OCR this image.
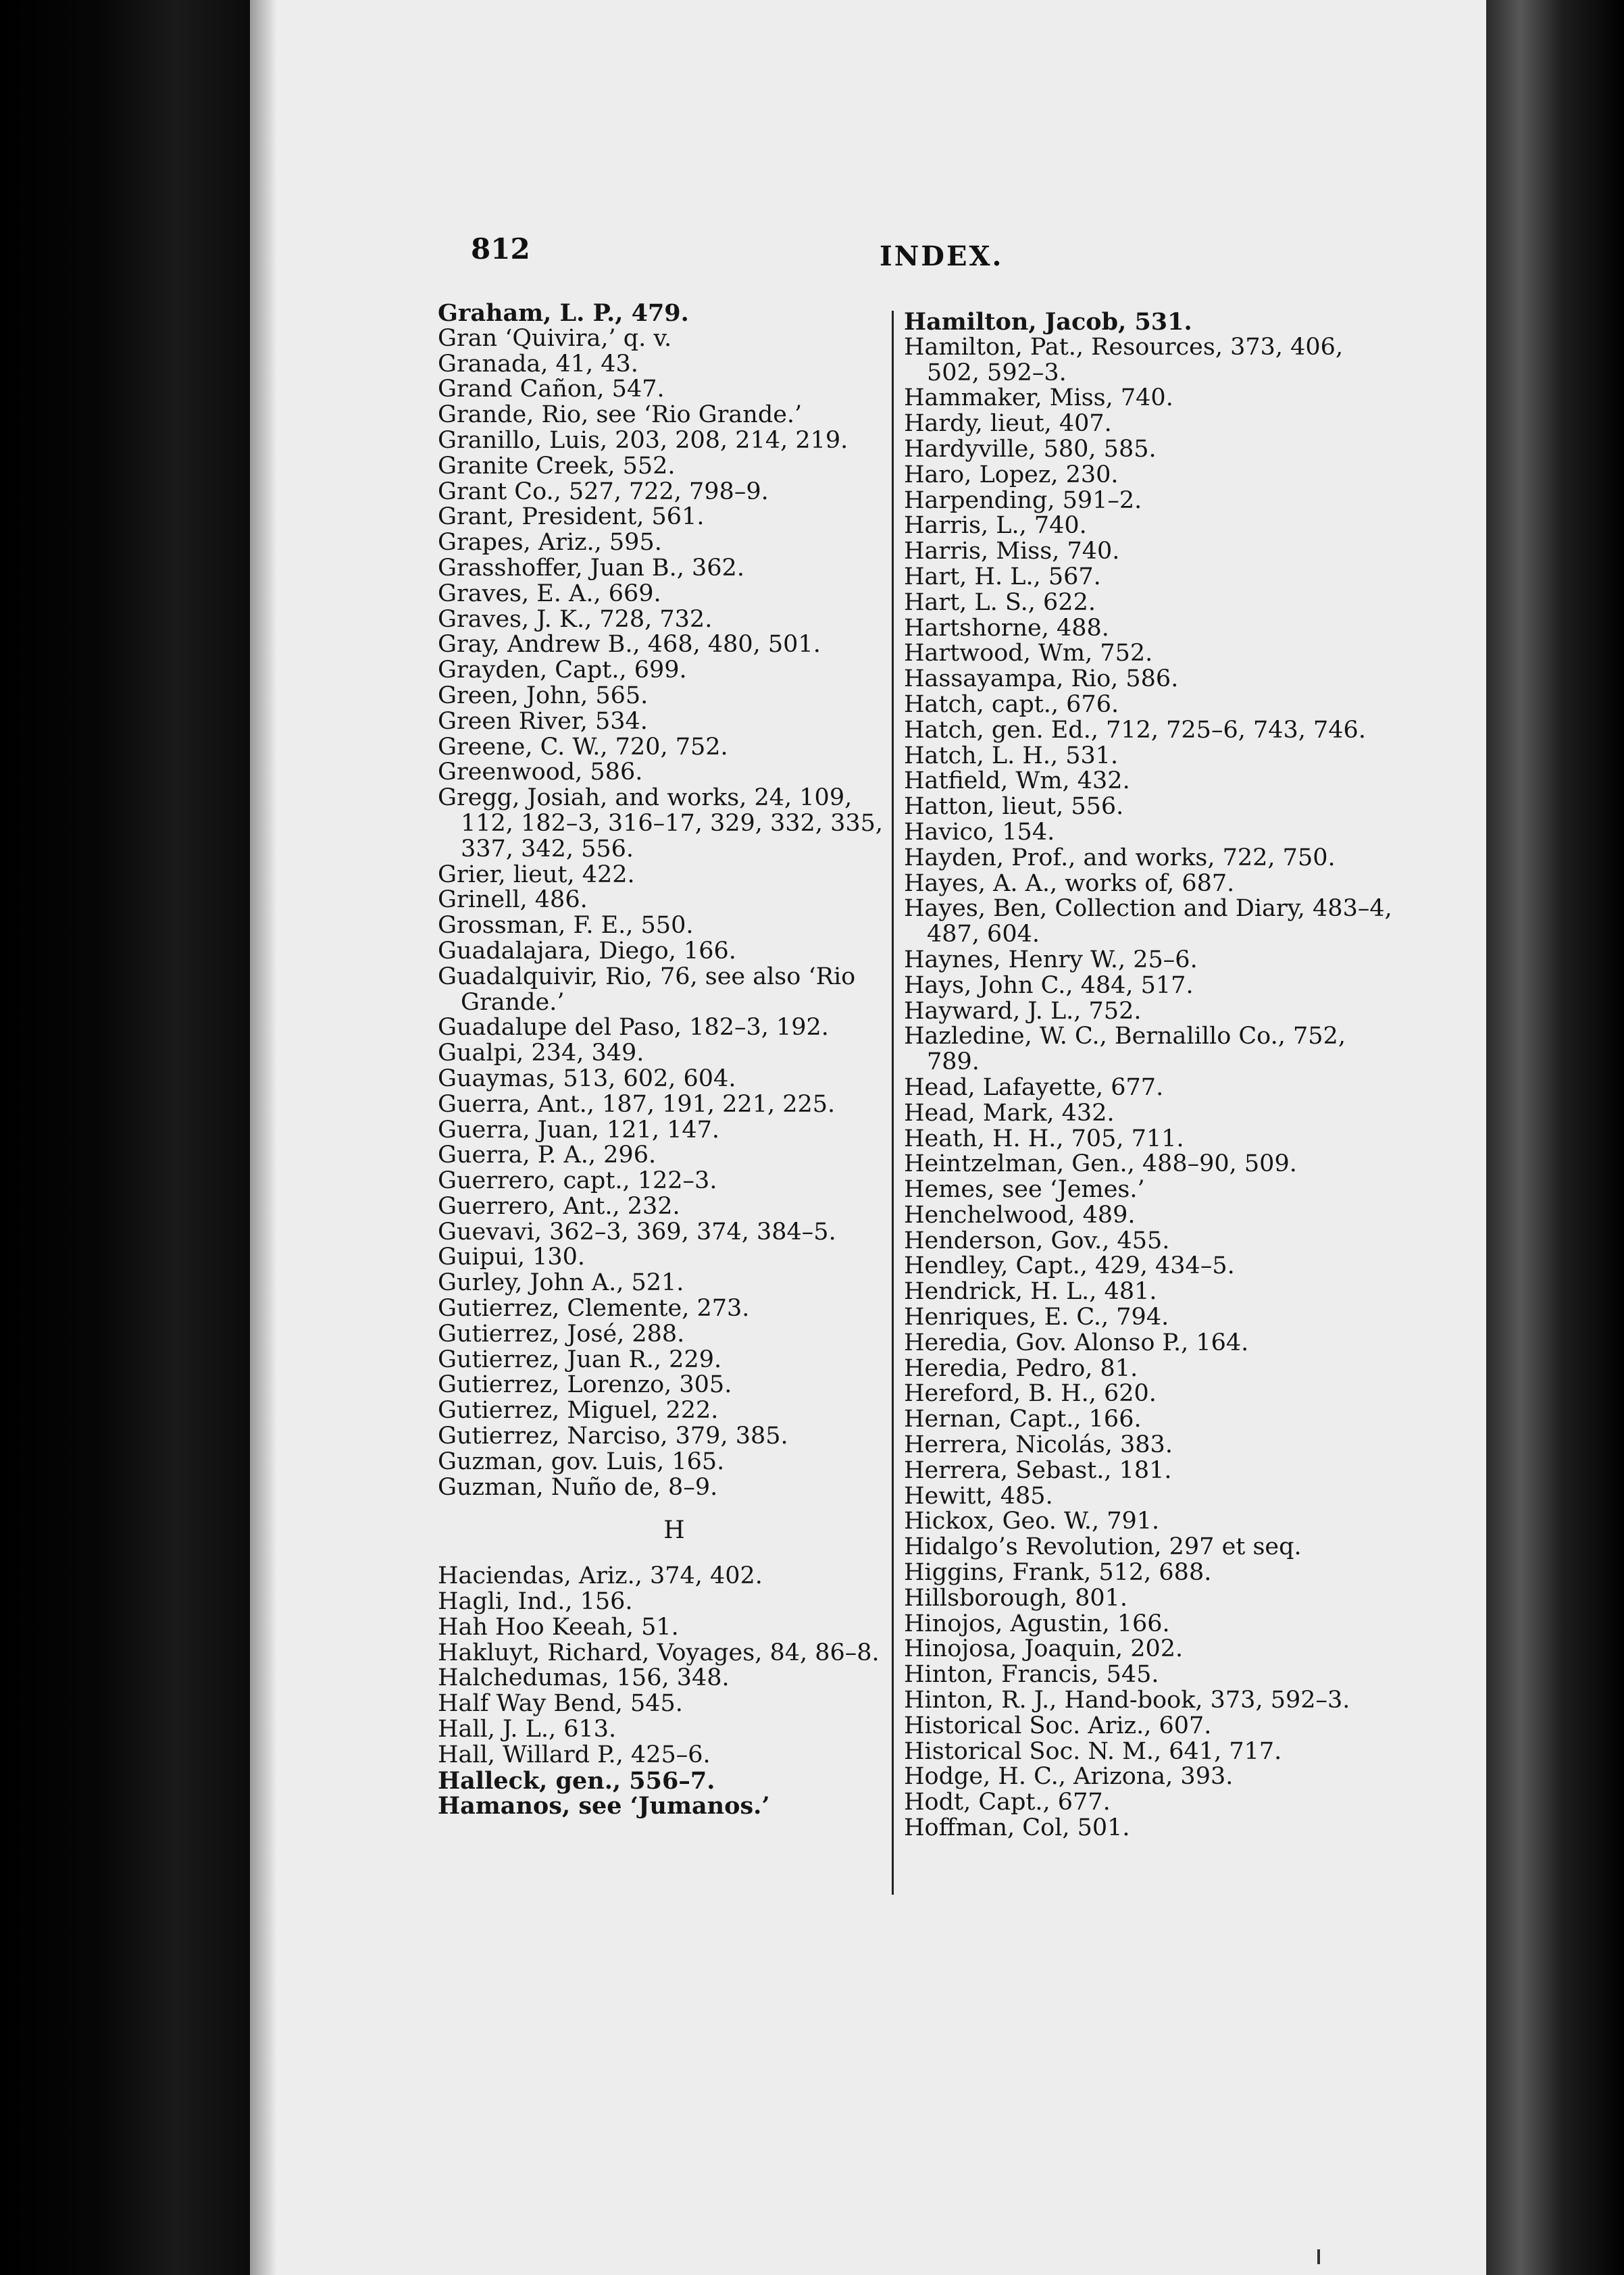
812	INDEX.

Graham, L. P., 479.

Gran ‘Quivira,’ q. v.

Granada, 41, 43.

Grand Cañon, 547.

Grande, Rio, see ‘Rio Grande.’

Granillo, Luis, 203, 208, 214, 219.

Granite Creek, 552.

Grant Co., 527, 722, 798–9.

Grant, President, 561.

Grapes, Ariz., 595.

Grasshoffer, Juan B., 362.

Graves, E. A., 669.

Graves, J. K., 728, 732.

Gray, Andrew B., 468, 480, 501.

Grayden, Capt., 699.

Green, John, 565.

Green River, 534.

Greene, C. W., 720, 752.

Greenwood, 586.

Gregg, Josiah, and works, 24, 109, 112, 182–3, 316–17, 329, 332, 335, 337, 342, 556.

Grier, lieut, 422.

Grinell, 486.

Grossman, F. E., 550.

Guadalajara, Diego, 166.

Guadalquivir, Rio, 76, see also ‘Rio Grande.’

Guadalupe del Paso, 182–3, 192.

Gualpi, 234, 349.

Guaymas, 513, 602, 604.

Guerra, Ant., 187, 191, 221, 225.

Guerra, Juan, 121, 147.

Guerra, P. A., 296.

Guerrero, capt., 122–3.

Guerrero, Ant., 232.

Guevavi, 362–3, 369, 374, 384–5.

Guipui, 130.

Gurley, John A., 521.

Gutierrez, Clemente, 273.

Gutierrez, José, 288.

Gutierrez, Juan R., 229.

Gutierrez, Lorenzo, 305.

Gutierrez, Miguel, 222.

Gutierrez, Narciso, 379, 385.

Guzman, gov. Luis, 165.

Guzman, Nuño de, 8–9.

H

Haciendas, Ariz., 374, 402.

Hagli, Ind., 156.

Hah Hoo Keeah, 51.

Hakluyt, Richard, Voyages, 84, 86–8.

Halchedumas, 156, 348.

Half Way Bend, 545.

Hall, J. L., 613.

Hall, Willard P., 425–6.

Halleck, gen., 556–7.

Hamanos, see ‘Jumanos.’

Hamilton, Jacob, 531.

Hamilton, Pat., Resources, 373, 406, 502, 592–3.

Hammaker, Miss, 740.

Hardy, lieut, 407.

Hardyville, 580, 585.

Haro, Lopez, 230.

Harpending, 591–2.

Harris, L., 740.

Harris, Miss, 740.

Hart, H. L., 567.

Hart, L. S., 622.

Hartshorne, 488.

Hartwood, Wm, 752.

Hassayampa, Rio, 586.

Hatch, capt., 676.

Hatch, gen. Ed., 712, 725–6, 743, 746.

Hatch, L. H., 531.

Hatfield, Wm, 432.

Hatton, lieut, 556.

Havico, 154.

Hayden, Prof., and works, 722, 750.

Hayes, A. A., works of, 687.

Hayes, Ben, Collection and Diary, 483–4, 487, 604.

Haynes, Henry W., 25–6.

Hays, John C., 484, 517.

Hayward, J. L., 752.

Hazledine, W. C., Bernalillo Co., 752, 789.

Head, Lafayette, 677.

Head, Mark, 432.

Heath, H. H., 705, 711.

Heintzelman, Gen., 488–90, 509.

Hemes, see ‘Jemes.’

Henchelwood, 489.

Henderson, Gov., 455.

Hendley, Capt., 429, 434–5.

Hendrick, H. L., 481.

Henriques, E. C., 794.

Heredia, Gov. Alonso P., 164.

Heredia, Pedro, 81.

Hereford, B. H., 620.

Hernan, Capt., 166.

Herrera, Nicolás, 383.

Herrera, Sebast., 181.

Hewitt, 485.

Hickox, Geo. W., 791.

Hidalgo’s Revolution, 297 et seq.

Higgins, Frank, 512, 688.

Hillsborough, 801.

Hinojos, Agustin, 166.

Hinojosa, Joaquin, 202.

Hinton, Francis, 545.

Hinton, R. J., Hand-book, 373, 592–3.

Historical Soc. Ariz., 607.

Historical Soc. N. M., 641, 717.

Hodge, H. C., Arizona, 393.

Hodt, Capt., 677.

Hoffman, Col, 501.
